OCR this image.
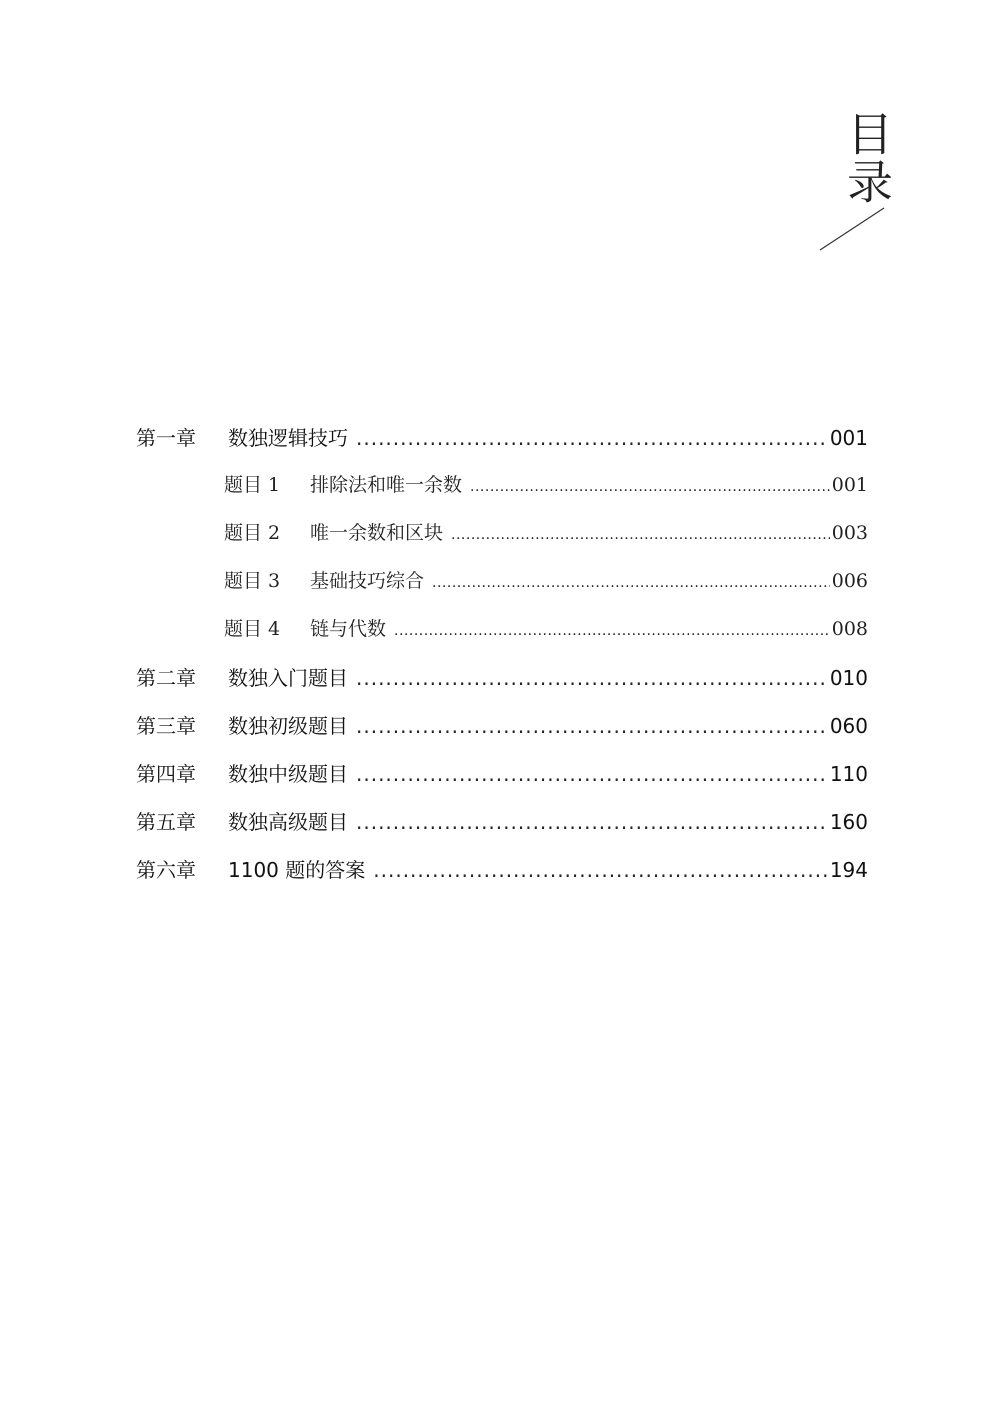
目录
第一章	数独逻辑技巧 .....	001
题目 1	排除法和唯一余数 .....	001
题目 2	唯一余数和区块 .....	003
题目 3	基础技巧综合 .....	006
题目 4	链与代数 .....	008
第二章	数独入门题目 .....	010
第三章	数独初级题目 .....	060
第四章	数独中级题目 .....	110
第五章	数独高级题目 .....	160
第六章	1100 题的答案 .....	194
